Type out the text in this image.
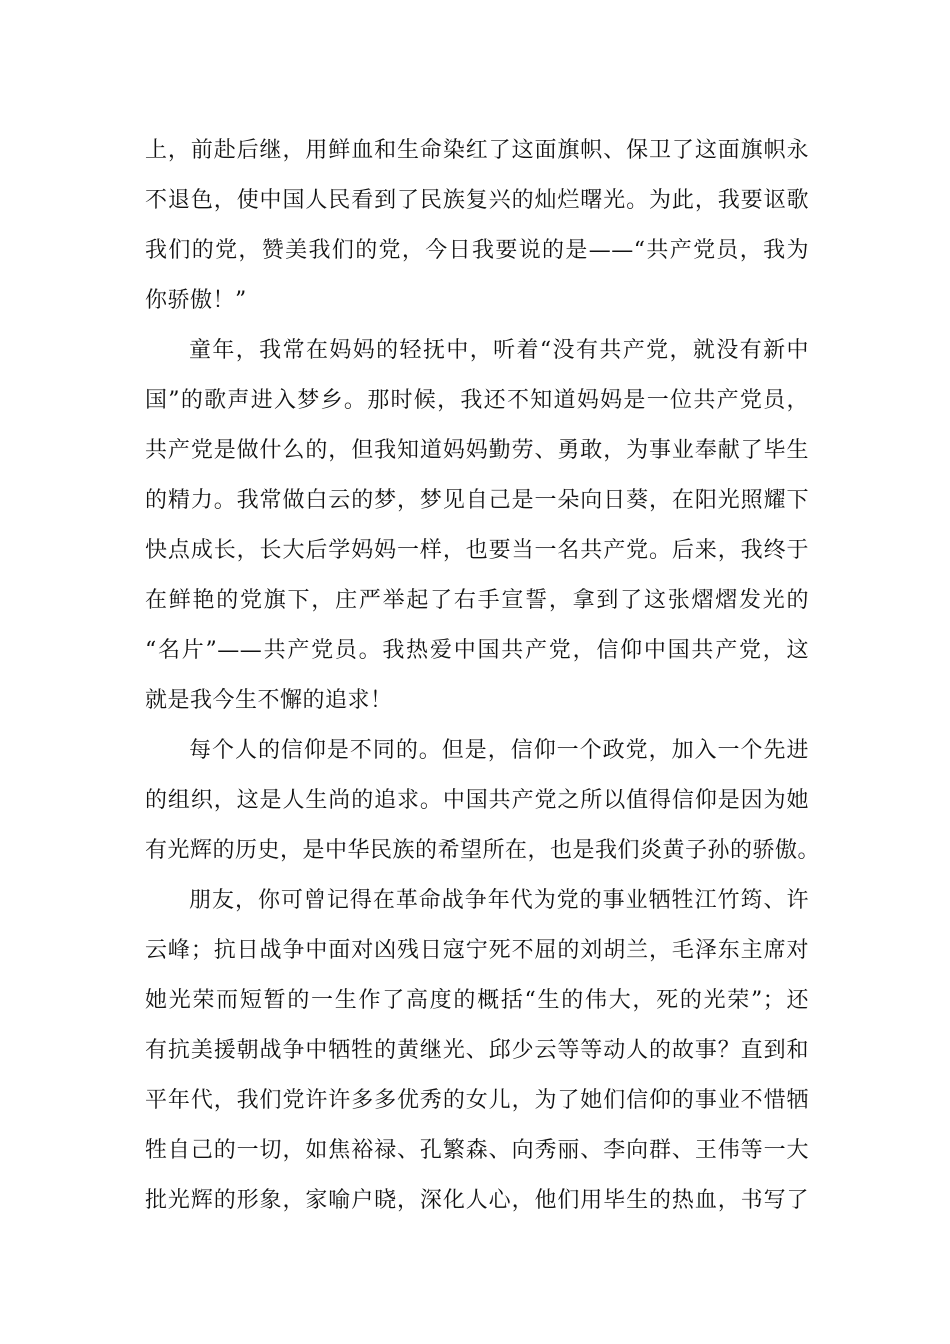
上，前赴后继，用鲜血和生命染红了这面旗帜、保卫了这面旗帜永
不退色，使中国人民看到了民族复兴的灿烂曙光。为此，我要讴歌
我们的党，赞美我们的党，今日我要说的是——“共产党员，我为
你骄傲！”
童年，我常在妈妈的轻抚中，听着“没有共产党，就没有新中
国”的歌声进入梦乡。那时候，我还不知道妈妈是一位共产党员，
共产党是做什么的，但我知道妈妈勤劳、勇敢，为事业奉献了毕生
的精力。我常做白云的梦，梦见自己是一朵向日葵，在阳光照耀下
快点成长，长大后学妈妈一样，也要当一名共产党。后来，我终于
在鲜艳的党旗下，庄严举起了右手宣誓，拿到了这张熠熠发光的
“名片”——共产党员。我热爱中国共产党，信仰中国共产党，这
就是我今生不懈的追求！
每个人的信仰是不同的。但是，信仰一个政党，加入一个先进
的组织，这是人生尚的追求。中国共产党之所以值得信仰是因为她
有光辉的历史，是中华民族的希望所在，也是我们炎黄子孙的骄傲。
朋友，你可曾记得在革命战争年代为党的事业牺牲江竹筠、许
云峰；抗日战争中面对凶残日寇宁死不屈的刘胡兰，毛泽东主席对
她光荣而短暂的一生作了高度的概括“生的伟大，死的光荣”；还
有抗美援朝战争中牺牲的黄继光、邱少云等等动人的故事？直到和
平年代，我们党许许多多优秀的女儿，为了她们信仰的事业不惜牺
牲自己的一切，如焦裕禄、孔繁森、向秀丽、李向群、王伟等一大
批光辉的形象，家喻户晓，深化人心，他们用毕生的热血，书写了
